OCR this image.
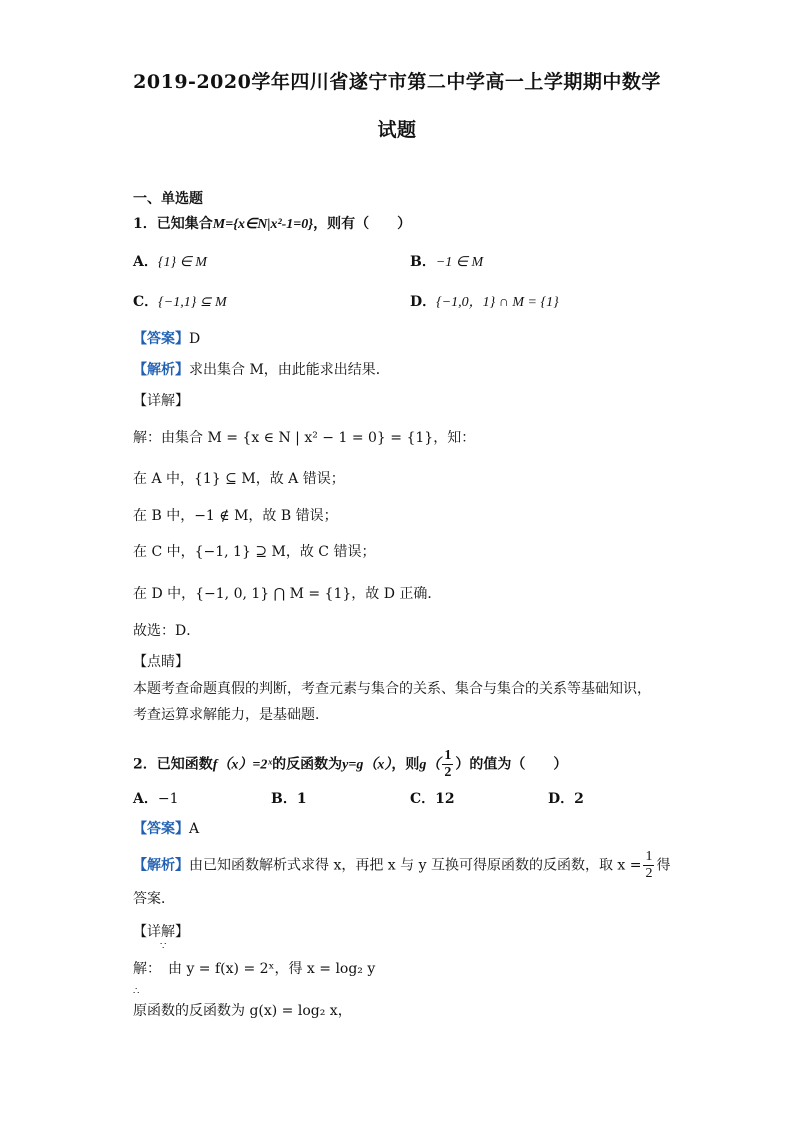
2019-2020学年四川省遂宁市第二中学高一上学期期中数学
试题
一、单选题
1．已知集合M={x∈N|x²-1=0}，则有（　　）
A．{1} ∈ M	B．−1 ∈ M
C．{−1,1} ⊆ M	D．{−1,0，1} ∩ M = {1}
【答案】D
【解析】求出集合 M，由此能求出结果．
【详解】
解：由集合 M = {x ∈ N | x² − 1 = 0} = {1}，知：
在 A 中，{1} ⊆ M，故 A 错误；
在 B 中，−1 ∉ M，故 B 错误；
在 C 中，{−1, 1} ⊇ M，故 C 错误；
在 D 中，{−1, 0, 1} ⋂ M = {1}，故 D 正确．
故选：D．
【点睛】
本题考查命题真假的判断，考查元素与集合的关系、集合与集合的关系等基础知识，考查运算求解能力，是基础题．
2．已知函数f（x）=2ˣ的反函数为y=g（x），则$g( \frac{1}{2}$ ）的值为（　　）
A．−1	B．1	C．12	D．2
【答案】A
【解析】由已知函数解析式求得 x，再把 x 与 y 互换可得原函数的反函数，取 $x = \frac{1}{2}$ 得
答案．
【详解】
∵
解：　由 y = f(x) = 2ˣ，得 x = log₂ y
∴
原函数的反函数为 g(x) = log₂ x，
